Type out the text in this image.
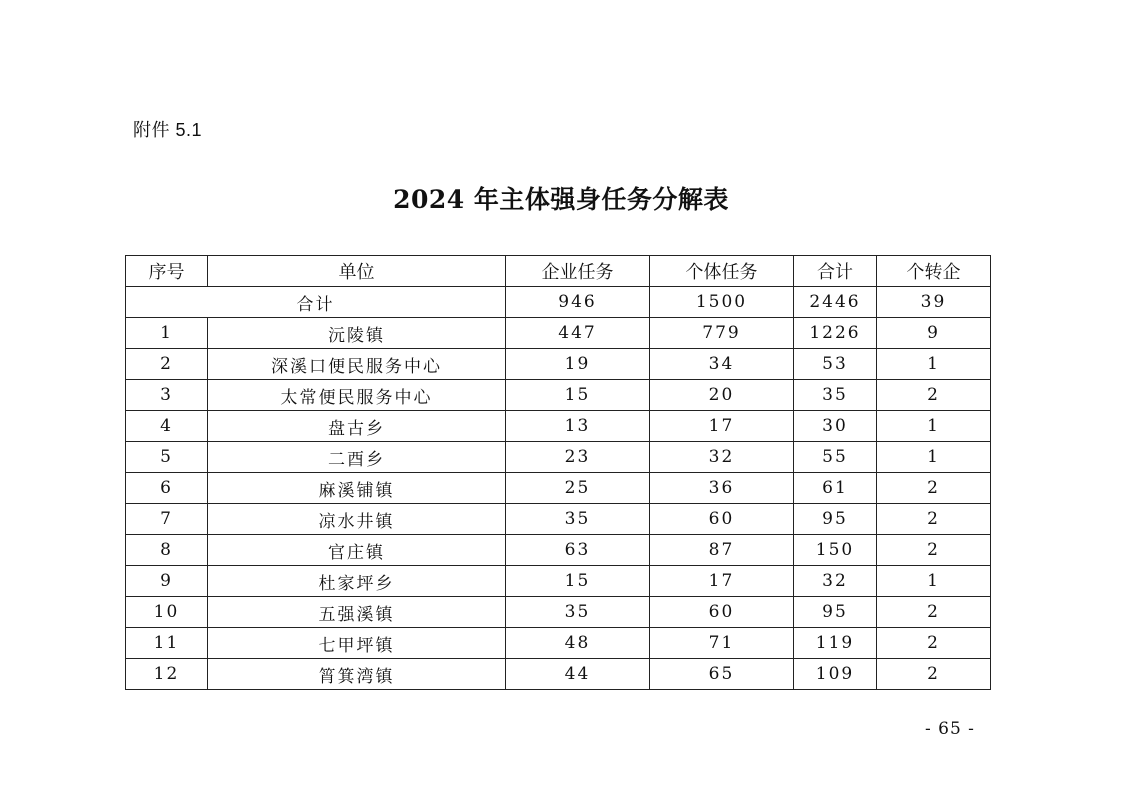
附件 5.1
2024 年主体强身任务分解表
序号	单位	企业任务	个体任务	合计	个转企
合计		946	1500	2446	39
1	沅陵镇	447	779	1226	9
2	深溪口便民服务中心	19	34	53	1
3	太常便民服务中心	15	20	35	2
4	盘古乡	13	17	30	1
5	二酉乡	23	32	55	1
6	麻溪铺镇	25	36	61	2
7	凉水井镇	35	60	95	2
8	官庄镇	63	87	150	2
9	杜家坪乡	15	17	32	1
10	五强溪镇	35	60	95	2
11	七甲坪镇	48	71	119	2
12	筲箕湾镇	44	65	109	2
- 65 -
